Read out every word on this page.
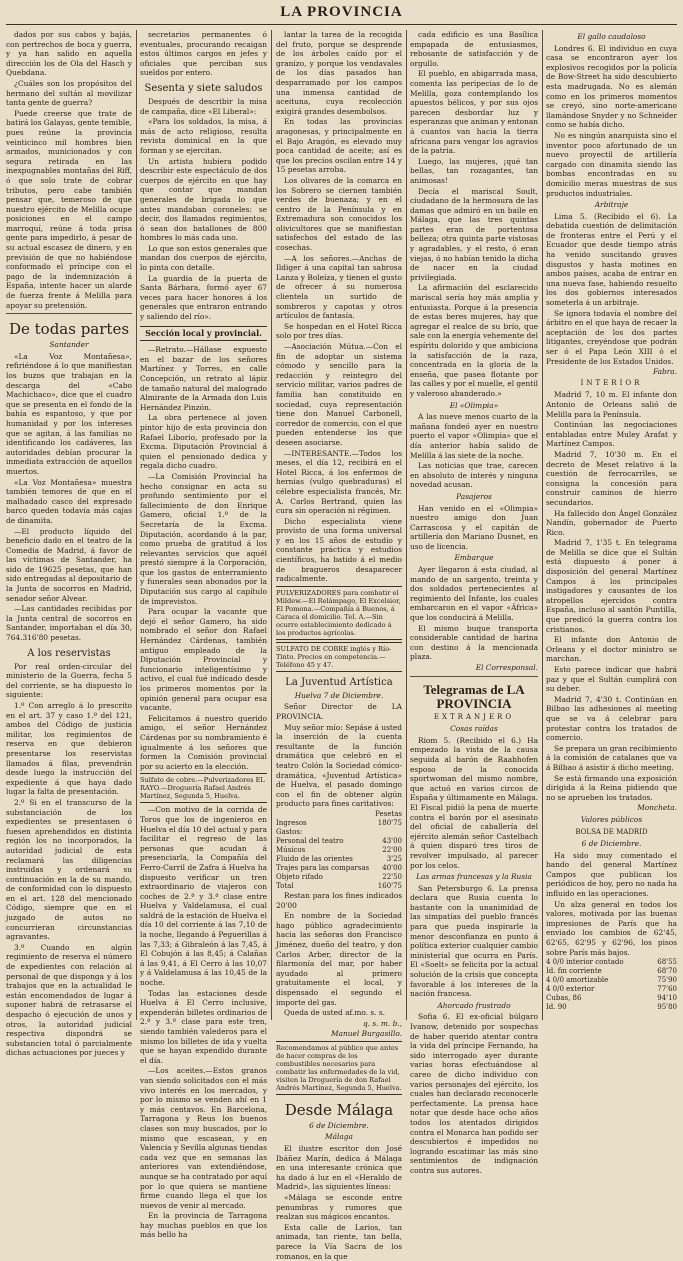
LA PROVINCIA

dados por sus cabos y bajás, con pertrechos de boca y guerra, y ya han salido en aquella dirección los de Ola del Hasch y Quebdana.

¿Cuáles son los propósitos del hermano del sultán al movilizar tanta gente de guerra?

Puede creerse que trate de batirá los Galayas, gente temible, pues reúne la provincia veinticinco mil hombres bien armados, municionados y con segura retirada en las inexpugnables montañas del Riff, ó que solo trate de cobrar tributos, pero cabe también pensar que, temeroso de que nuestro ejército de Melilla ocupe posiciones en el campo marroquí, reúne á toda prisa gente para impedirlo, á pesar de su actual escasez de dinero, y en previsión de que no habiéndose conformado el príncipe con el pago de la indemnización á España, intente hacer un alarde de fuerza frente á Melilla para apoyar su pretensión.

De todas partes
Santander

«La Voz Montañesa», refiriéndose á lo que manifiestan los buzos que trabajan en la descarga del «Cabo Machichaco», dice que el cuadro que se presenta en el fondo de la bahía es espantoso, y que por humanidad y por los intereses que se agitan, á las familias no identificando los cadáveres, las autoridades debían procurar la inmediata extracción de aquellos muertos.

«La Voz Montañesa» muestra también temores de que en el malhadado casco del expresado barco queden todavía más cajas de dinamita.

—El producto líquido del beneficio dado en el teatro de la Comedia de Madrid, á favor de las víctimas de Santander, ha sido de 19625 pesetas, que han sido entregadas al depositario de la Junta de socorros en Madrid, senador señor Alvear.

—Las cantidades recibidas por la Junta central de socorros en Santander, importaban el día 30, 764.316'80 pesetas.

A los reservistas

Por real orden-circular del ministerio de la Guerra, fecha 5 del corriente, se ha dispuesto lo siguiente:

1.º Con arreglo á lo prescrito en el art. 37 y caso 1.º del 121, ambos del Código de justicia militar, los regimientos de reserva en que debieron presentarse los reservistas llamados á filas, prevendrán desde luego la instrucción del expediente á que haya dado lugar la falta de presentación.

2.º Si en el transcurso de la substanciación de los expedientes se presentasen ó fuesen aprehendidos en distinta región los no incorporados, la autoridad judicial de esta reclamará las diligencias instruidas y ordenará su continuación en la de su mando, de conformidad con lo dispuesto en el art. 128 del mencionado Código, siempre que en el juzgado de autos no concurrieran circunstancias agravantes.

3.º Cuando en algún regimiento de reserva el número de expedientes con relación al personal de que disponga y á los trabajos que en la actualidad le están encomendados de lugar á suponer habrá de retrasarse el despacho ó ejecución de unos y otros, la autoridad judicial respectiva dispondrá se substancien total ó parcialmente dichas actuaciones por jueces y

secretarios permanentes ó eventuales, procurando recaigan estos últimos cargos en jefes y oficiales que perciban sus sueldos por entero.

Sesenta y siete saludos

Después de describir la misa de campaña, dice «El Liberal»:

«Para los soldados, la misa, á más de acto religioso, resulta revista dominical en la que forman y se ejercitan.

Un artista hubiera podido describir este espectáculo de dos cuerpos de ejército en que hay que contar que mandan generales de brigada lo que antes mandaban coroneles: se decir, dos llamados regimientos, ó sean dos batallones de 800 hombres lo más cada uno.

Lo que son estos generales que mandan dos cuerpos de ejército, lo pinta con detalle.

La guardia de la puerta de Santa Bárbara, formó ayer 67 veces para hacer honores á los generales que entraron entrando y saliendo del río».

Sección local y provincial.

—Retrato.—Hállase expuesto en el bazar de los señores Martínez y Torres, en calle Concepción, un retrato al lápiz de tamaño natural del malogrado Almirante de la Armada don Luis Hernández Pinzón.

La obra pertenece al joven pintor hijo de esta provincia don Rafael Liborio, profesado por la Excma. Diputación Provincial á quien el pensionado dedica y regala dicho cuadro.

—La Comisión Provincial ha hecho consignar en acta su profundo sentimiento por el fallecimiento de don Enrique Gamero, oficial 1.º de la Secretaría de la Excma. Diputación, acordando á la par, como prueba de gratitud á los relevantes servicios que aquél prestó siempre á la Corporación, que los gastos de enterramiento y funerales sean abonados por la Diputación sus cargo al capítulo de imprevistos.

Para ocupar la vacante que dejó el señor Gamero, ha sido nombrado el señor don Rafael Hernández Cárdenas, también antiguo empleado de la Diputación Provincial y funcionario inteligentísimo y activo, el cual fué indicado desde los primeros momentos por la opinión general para ocupar esa vacante.

Felicitamos á nuestro querido amigo, el señor Hernández Cárdenas por su nombramiento é igualmente á los señores que formen la Comisión provincial por su acierto en la elección.

Sulfato de cobre.—Pulverizadores EL RAYO.—Droguería Rafael Andrés Martínez, Segunda 5, Huelva.

—Con motivo de la corrida de Toros que los de ingenieros en Huelva el día 10 del actual y para facilitar el regreso de las personas que acudan á presenciarla, la Compañía del Ferro-Carril de Zafra á Huelva ha dispuesto verificar un tren extraordinario de viajeros con coches de 2.ª y 3.ª clase entre Huelva y Valdelamusa, el cual saldrá de la estación de Huelva el día 10 del corriente á las 7,10 de la noche, llegando á Peguerillas á las 7,33; á Gibraleón á las 7,45, á El Cobujón á las 8,45; á Calañas á las 9,41, á El Cerro á las 10,07 y á Valdelamusa á las 10,45 de la noche.

Todas las estaciones desde Huelva á El Cerro inclusive, expenderán billetes ordinarios de 2.ª y 3.ª clase para este tren, siendo también valederos para el mismo los billetes de ida y vuelta que se hayan expendido durante el día.

—Los aceites.—Estos granos van siendo solicitados con el más vivo interés en los mercados, y por lo mismo se venden ahí en 1 y más centavos. En Barcelona, Tarragona y Reus los buenos clases son muy buscados, por lo mismo que escasean, y en Valencia y Sevilla algunas tiendas cada vez que en semanas las anteriores van extendiéndose, aunque se ha contratado por aquí por lo que quiera se mantiene firme cuando llega el que los nuevos de venir al mercado.

En la provincia de Tarragona hay muchas pueblos en que los más bello ha

lantar la tarea de la recogida del fruto, porque se desprende de los árboles caído por el granizo, y porque los vendavales de los días pasados han desparramado por los campos una inmensa cantidad de aceituna, cuya recolección exigirá grandes desembolsos.

En todas las provincias aragonesas, y principalmente en el Bajo Aragón, es elevado muy poca cantidad de aceite; así es que los precios oscilan entre 14 y 15 pesetas arroba.

Los olivares de la comarca en los Sobrero se ciernen también verdes de buenaza; y en el centro de la Península y en Extremadura son conocidos los olivicultores que se manifiestan satisfechos del estado de las cosechas.

—A los señores.—Anchas de Ildiger á una capital tan sabrosa Lanza y Boleíza, y tienen el gusto de ofrecer á su numerosa clientela un surtido de sombreros y capotas y otros artículos de fantasía.

Se hospedan en el Hotel Ricca solo por tres días.

—Asociación Mútua.—Con el fin de adoptar un sistema cómodo y sencillo para la redacción y reintegro del servicio militar, varios padres de familia han constituido en sociedad, cuya representación tiene don Manuel Carbonell, corredor de comercio, con el que pueden entenderse los que deseen asociarse.

—INTERESANTE.—Todos los meses, el día 12, recibirá en el Hotel Ricca, á los enfermos de hernias (vulgo quebraduras) el célebre especialista francés, Mr. A. Carlos Bertrand, quien las cura sin operación ni régimen.

Dicho especialista viene provisto de una forma universal y en los 15 años de estudio y constante práctica y estudios científicos, ha batido á el medio de bragueros desaparecer radicalmente.

PULVERIZADORES para combatir el Mildew.—El Relámpago, El Excelsior, El Pomona.—Compañía á Buenos, á Caraca el domicilio. Tel. A.—Sin ocurre establecimiento dedicado á los productos agrícolas.
SULFATO DE COBRE inglés y Río-Tinto. Precios en competencia.—Teléfono 45 y 47.
La Juventud Artística
Huelva 7 de Diciembre.

Señor Director de LA PROVINCIA.

Muy señor mío: Sepáse á usted la inserción de la cuenta resultante de la función dramática que celebró en el teatro Colón la Sociedad cómico-dramática, «Juventud Artística» de Huelva, el pasado domingo con el fin de obtener algún producto para fines caritativos:

	Pesetas
Ingresos	180'75
Gastos:	
Personal del teatro	43'00
Músicos	22'00
Fluido de las orientes	3'25
Trajes para las comparsas	40'00
Objeto rifado	22'50
Total	160'75

Restan para los fines indicados 20'00

En nombre de la Sociedad hago público agradecimiento hacia las señoras don Francisco Jiménez, dueño del teatro, y don Carlos Arber, director de la filarmonía del mar, por haber ayudado al primero gratuitamente el local, y dispensado el segundo el importe del gas.

Queda de usted af.mo. s. s.

q. s. m. b.,

Manuel Burgasillo.

Recomendamos al público que antes de hacer compras de los combustibles necesarios para combatir las enfermedades de la vid, visiten la Droguería de don Rafael Andrés Martínez, Segunda 5, Huelva.
Desde Málaga
6 de Diciembre.
Málaga

El ilustre escritor don José Ibáñez Marín, dedica á Málaga en una interesante crónica que ha dado á luz en el «Heraldo de Madrid», las siguientes líneas:

«Málaga se esconde entre penumbras y rumores que realzan sus mágicos encantos.

Esta calle de Larios, tan animada, tan riente, tan bella, parece la Vía Sacra de los romanos, en la que

cada edificio es una Basílica empapada de entusiasmos, rebosante de satisfacción y de orgullo.

El pueblo, en abigarrada masa, comenta las peripecias de lo de Melilla, goza contemplando los apuestos bélicos, y por sus ojos parecen desbordar luz y esperanzas que animan y entonan á cuantos van hacia la tierra africana para vengar los agravios de la patria.

Luego, las mujeres, ¡qué tan bellas, tan rozagantes, tan animosas!

Decía el mariscal Soult, ciudadano de la hermosura de las damas que admiró en un baile en Málaga, que las tres quintas partes eran de portentosa belleza; otra quinta parte vistosas y agradables, y el resto, ó eran viejas, ó no habían tenido la dicha de nacer en la ciudad privilegiada.

La afirmación del esclarecido mariscal sería hoy más amplia y entusiasta. Porque á la presencia de estas beres mujeres, hay que agregar el realce de su brío, que sale con la energía vehemente del espíritu dolorido y que ambiciona la satisfacción de la raza, concentrada en la gloria de la enseña, que pasea flotante por las calles y por el muelle, el gentil y valeroso abanderado.»

El «Olimpia»

A las nueve menos cuarto de la mañana fondeó ayer en nuestro puerto el vapor «Olimpia» que el día anterior había salido de Melilla á las siete de la noche.

Las noticias que trae, carecen en absoluto de interés y ninguna novedad acusan.

Pasajeros

Han venido en el «Olimpia» nuestro amigo don Juan Carrascosa y el capitán de artillería don Mariano Dusnet, en uso de licencia.

Embarque

Ayer llegaron á esta ciudad, al mando de un sargento, treinta y dos soldados pertenecientes al regimiento del Infante, los cuales embarcaron en el vapor «África» que los conducirá á Melilla.

El mismo buque transporta considerable cantidad de harina con destino á la mencionada plaza.

El Corresponsal.

Telegramas de LA PROVINCIA
EXTRANJERO
Cosas raídas

Riom 5. (Recibido el 6.) Ha empezado la vista de la causa seguida al barón de Raabhofen esposo de la conocida sportwoman del mismo nombre, que actuó en varios circos de España y últimamente en Málaga. El Fiscal pidió la pena de muerte contra el barón por el asesinato del oficial de caballería del ejército alemán señor Castelbach á quien disparó tres tiros de revolver impulsado, al parecer por los celos.

Las armas francesas y la Rusia

San Petersburgo 6. La prensa declara que Rusia cuenta lo bastante con la unanimidad de las simpatías del pueblo francés para que pueda inspirarle la menor desconfianza en punto á política exterior cualquier cambio ministerial que ocurra en París. El «Soelt» se felicita por la actual solución de la crisis que concepta favorable á los intereses de la nación francesa.

Ahorcado frustrado

Sofia 6. El ex-oficial búlgaro Ivanow, detenido por sospechas de haber querido atentar contra la vida del príncipe Fernando, ha sido interrogado ayer durante varias horas efectuándose al careo de dicho individuo con varios personajes del ejército, los cuales han declarado reconocerle perfectamente. La prensa hace notar que desde hace ocho años todos los atentados dirigidos contra el Monarca han podido ser descubiertos é impedidos no logrando escatimar las más sino sentimientos de indignación contra sus autores.

El gallo caudaloso

Londres 6. El individuo en cuya casa se encontraron ayer los explosivos recogidos por la policía de Bow-Street ha sido descubierto esta madrugada. No es alemán como en los primeros momentos se creyó, sino norte-americano llamándose Snyder y no Schneider como se había dicho.

No es ningún anarquista sino el inventor poco afortunado de un nuevo proyectil de artillería cargado con dinamita siendo las bombas encontradas en su domicilio meras muestras de sus productos industriales.

Arbitraje

Lima 5. (Recibido el 6). La debatida cuestión de delimitación de fronteras entre el Perú y el Ecuador que desde tiempo atrás ha venido suscitando graves disgustos y hasta motines en ambos países, acaba de entrar en una nueva fase, habiendo resuelto los dos gobiernos interesados someterla á un arbitraje.

Se ignora todavía el nombre del árbitro en el que haya de recaer la aceptación de los dos partes litigantes, creyéndose que podrán ser ó el Papa León XIII ó el Presidente de los Estados Unidos.

Fabra.

INTERIOR

Madrid 7, 10 m. El infante don Antonio de Orleans salió de Melilla para la Península.

Continúan las negociaciones entabladas entre Muley Arafat y Martínez Campos.

Madrid 7, 10'30 m. En el decreto de Meset relativo á la cuestión de ferrocarriles, se consigna la concesión para construir caminos de hierro secundarios.

Ha fallecido don Ángel González Nandín, gobernador de Puerto Rico.

Madrid 7, 1'35 t. En telegrama de Melilla se dice que el Sultán está dispuesto á poner á disposición del general Martínez Campos á los principales instigadores y causantes de los atropellos ejercidos contra España, incluso al santón Puntilla, que predicó la guerra contra los cristianos.

El infante don Antonio de Orleans y el doctor ministro se marchan.

Esto parece indicar que habrá paz y que el Sultán cumplirá con su deber.

Madrid 7, 4'30 t. Continúan en Bilbao las adhesiones al meeting que se va á celebrar para protestar contra los tratados de comercio.

Se prepara un gran recibimiento á la comisión de catalanes que va á Bilbao á asistir á dicho meeting.

Se está firmando una exposición dirigida á la Reina pidiendo que no se aprueben los tratados.

Moncheta.

Valores públicos
BOLSA DE MADRID
6 de Diciembre.

Ha sido muy comentado el bando del general Martínez Campos que publican los periódicos de hoy, pero no nada ha influido en las operaciones.

Un alza general en todos los valores, motivada por las buenas impresiones de París que ha enviado los cambios de 62'45, 62'65, 62'95 y 62'96, los pisos sobre París más bajos.

4 0/0 interior contado	68'55
Id. fin corriente	68'70
4 0/0 amortizable	75'90
4 0/0 exterior	77'60
Cubas, 86	94'10
Id. 90	95'80
